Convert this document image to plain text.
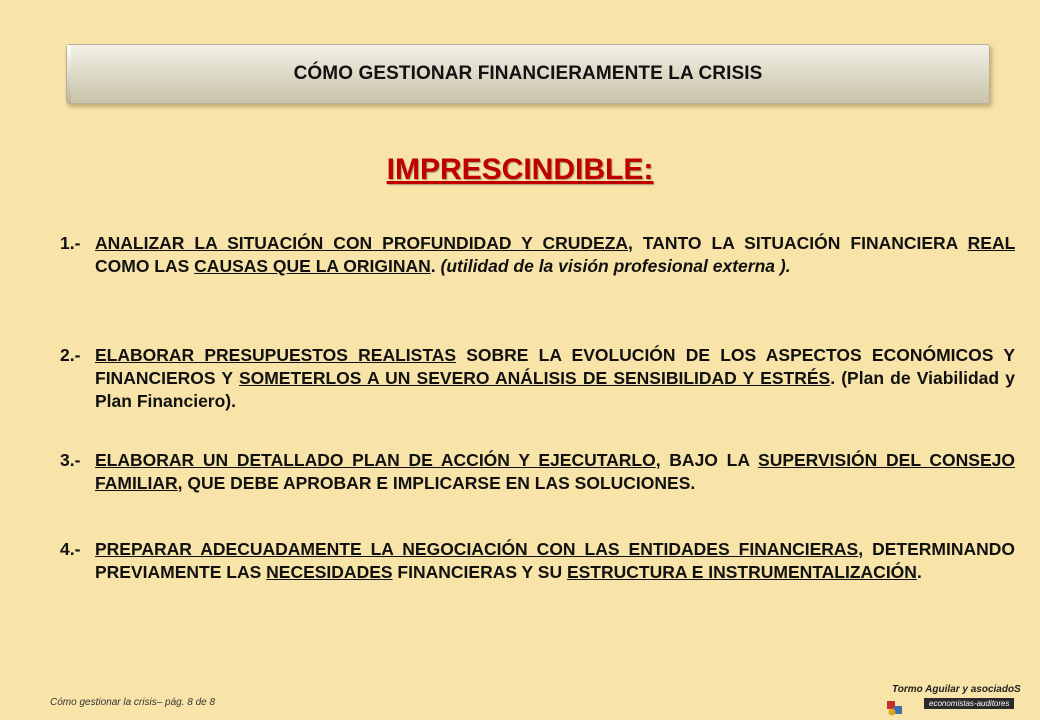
CÓMO GESTIONAR FINANCIERAMENTE LA CRISIS
IMPRESCINDIBLE:
1.- ANALIZAR LA SITUACIÓN CON PROFUNDIDAD Y CRUDEZA, TANTO LA SITUACIÓN FINANCIERA REAL COMO LAS CAUSAS QUE LA ORIGINAN. (utilidad de la visión profesional externa ).
2.- ELABORAR PRESUPUESTOS REALISTAS SOBRE LA EVOLUCIÓN DE LOS ASPECTOS ECONÓMICOS Y FINANCIEROS Y SOMETERLOS A UN SEVERO ANÁLISIS DE SENSIBILIDAD Y ESTRÉS. (Plan de Viabilidad y Plan Financiero).
3.- ELABORAR UN DETALLADO PLAN DE ACCIÓN Y EJECUTARLO, BAJO LA SUPERVISIÓN DEL CONSEJO FAMILIAR, QUE DEBE APROBAR E IMPLICARSE EN LAS SOLUCIONES.
4.- PREPARAR ADECUADAMENTE LA NEGOCIACIÓN CON LAS ENTIDADES FINANCIERAS, DETERMINANDO PREVIAMENTE LAS NECESIDADES FINANCIERAS Y SU ESTRUCTURA E INSTRUMENTALIZACIÓN.
Cómo gestionar la crisis– pág. 8 de 8
Tormo Aguilar y asociadoS
economistas-auditores
